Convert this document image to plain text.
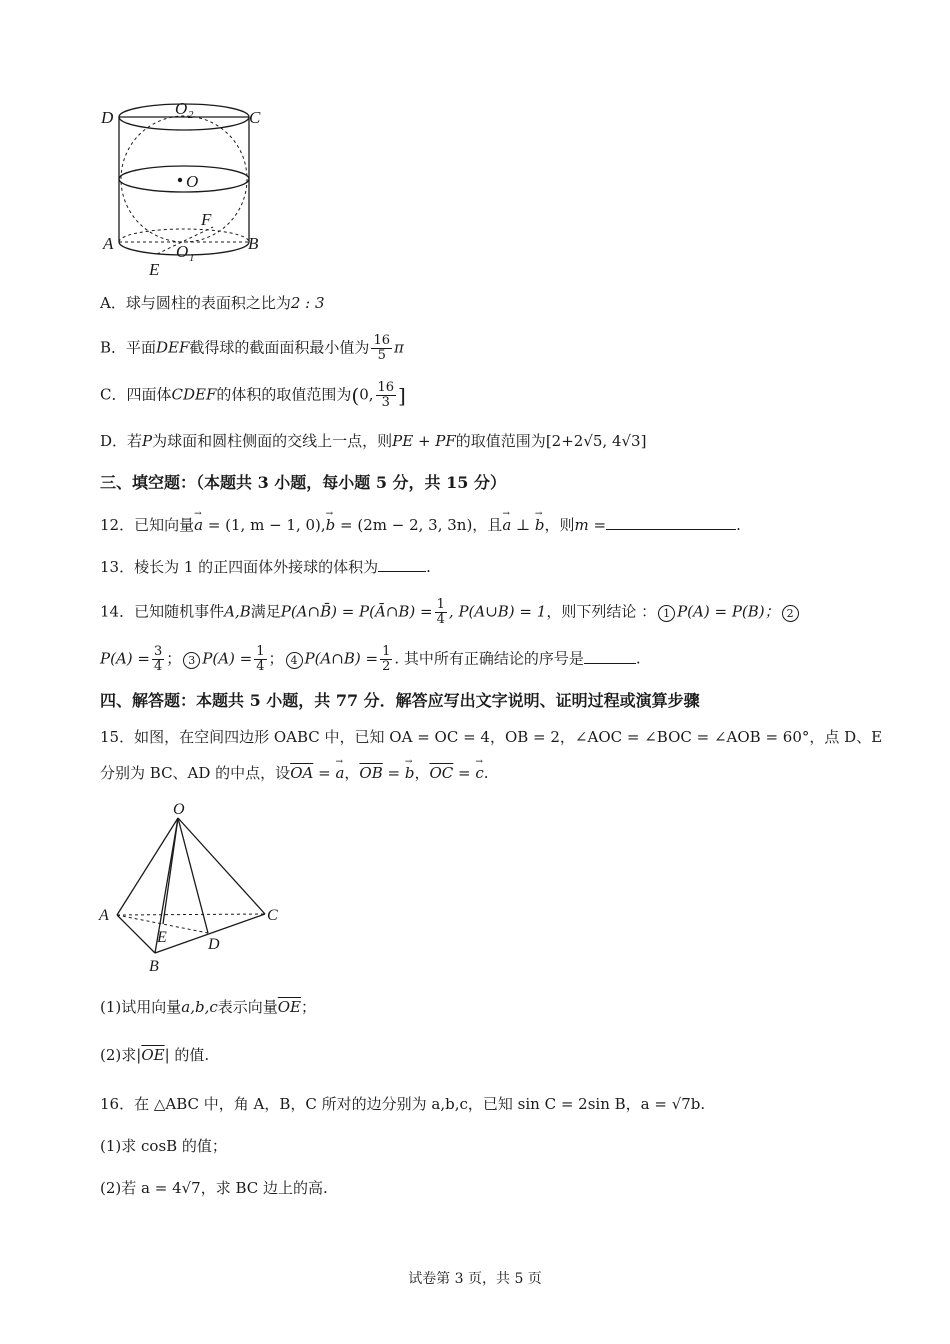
D	O 2	C
O
F
A	B
O 1
E
A．球与圆柱的表面积之比为2 : 3
B．平面DEF截得球的截面面积最小值为 $\frac{16}{5}$ π
C．四面体CDEF的体积的取值范围为(0, $\frac{16}{3}$ ]
D．若P为球面和圆柱侧面的交线上一点，则PE + PF的取值范围为[2+2√5, 4√3]
三、填空题：（本题共 3 小题，每小题 5 分，共 15 分）
12．已知向量→ a = (1, m − 1, 0),→ b = (2m − 2, 3, 3n)，且→ a ⊥ → b，则m =	.
13．棱长为 1 的正四面体外接球的体积为	.
14．已知随机事件A,B满足P(A∩B̄) = P(Ā∩B) = $\frac{1}{4}$ , P(A∪B) = 1，则下列结论 ： 1 P(A) = P(B)； 2
$P(A) = \frac{3}{4}$ ； 3 $P(A) = \frac{1}{4}$ ； 4 P(A∩B) = $\frac{1}{2}$ . 其中所有正确结论的序号是	.
四、解答题：本题共 5 小题，共 77 分．解答应写出文字说明、证明过程或演算步骤
15．如图，在空间四边形 OABC 中，已知 OA = OC = 4，OB = 2，∠AOC = ∠BOC = ∠AOB = 60°，点 D、E
分别为 BC、AD 的中点，设$\overline{OA}$ = → a，$\overline{OB}$ = → b，$\overline{OC}$ = → c.
O
A	C
E	D
B
(1)试用向量a,b,c表示向量$\overline{OE}$；
(2)求$|\overline{OE}|$ 的值.
16．在 △ABC 中，角 A，B，C 所对的边分别为 a,b,c，已知 sin C = 2sin B，a = √7b.
(1)求 cosB 的值；
(2)若 a = 4√7，求 BC 边上的高.
试卷第 3 页，共 5 页
